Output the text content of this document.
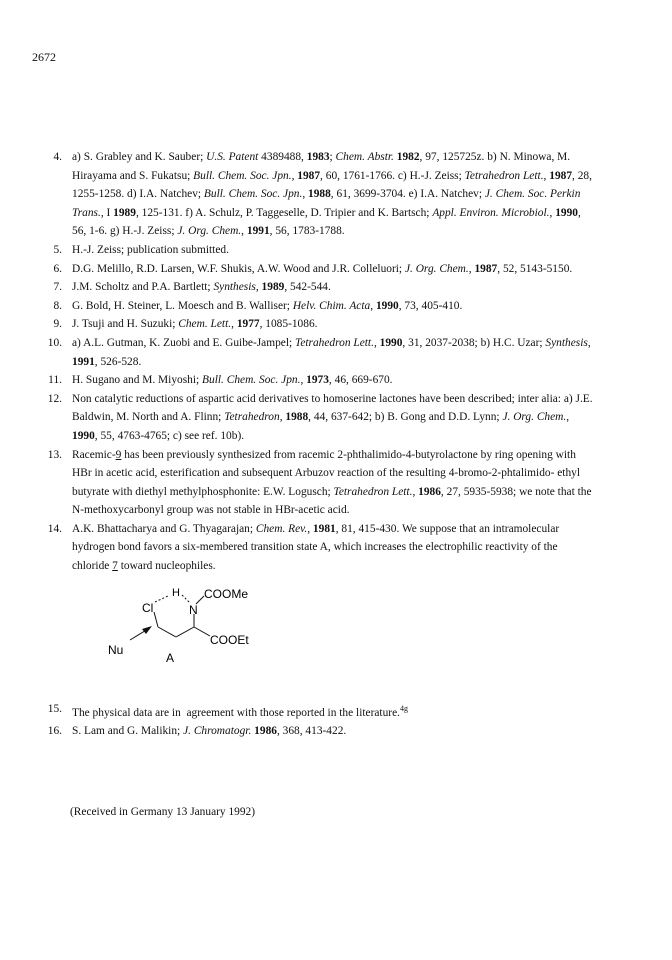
2672
4. a) S. Grabley and K. Sauber; U.S. Patent 4389488, 1983; Chem. Abstr. 1982, 97, 125725z. b) N. Minowa, M. Hirayama and S. Fukatsu; Bull. Chem. Soc. Jpn., 1987, 60, 1761-1766. c) H.-J. Zeiss; Tetrahedron Lett., 1987, 28, 1255-1258. d) I.A. Natchev; Bull. Chem. Soc. Jpn., 1988, 61, 3699-3704. e) I.A. Natchev; J. Chem. Soc. Perkin Trans., I 1989, 125-131. f) A. Schulz, P. Taggeselle, D. Tripier and K. Bartsch; Appl. Environ. Microbiol., 1990, 56, 1-6. g) H.-J. Zeiss; J. Org. Chem., 1991, 56, 1783-1788.
5. H.-J. Zeiss; publication submitted.
6. D.G. Melillo, R.D. Larsen, W.F. Shukis, A.W. Wood and J.R. Colleluori; J. Org. Chem., 1987, 52, 5143-5150.
7. J.M. Scholtz and P.A. Bartlett; Synthesis, 1989, 542-544.
8. G. Bold, H. Steiner, L. Moesch and B. Walliser; Helv. Chim. Acta, 1990, 73, 405-410.
9. J. Tsuji and H. Suzuki; Chem. Lett., 1977, 1085-1086.
10. a) A.L. Gutman, K. Zuobi and E. Guibe-Jampel; Tetrahedron Lett., 1990, 31, 2037-2038; b) H.C. Uzar; Synthesis, 1991, 526-528.
11. H. Sugano and M. Miyoshi; Bull. Chem. Soc. Jpn., 1973, 46, 669-670.
12. Non catalytic reductions of aspartic acid derivatives to homoserine lactones have been described; inter alia: a) J.E. Baldwin, M. North and A. Flinn; Tetrahedron, 1988, 44, 637-642; b) B. Gong and D.D. Lynn; J. Org. Chem., 1990, 55, 4763-4765; c) see ref. 10b).
13. Racemic-9 has been previously synthesized from racemic 2-phthalimido-4-butyrolactone by ring opening with HBr in acetic acid, esterification and subsequent Arbuzov reaction of the resulting 4-bromo-2-phtalimido- ethyl butyrate with diethyl methylphosphonite: E.W. Logusch; Tetrahedron Lett., 1986, 27, 5935-5938; we note that the N-methoxycarbonyl group was not stable in HBr-acetic acid.
14. A.K. Bhattacharya and G. Thyagarajan; Chem. Rev., 1981, 81, 415-430. We suppose that an intramolecular hydrogen bond favors a six-membered transition state A, which increases the electrophilic reactivity of the chloride 7 toward nucleophiles.
Cl
H
N
COOMe
COOEt
Nu
A
15. The physical data are in  agreement with those reported in the literature.$^{4g}$
16. S. Lam and G. Malikin; J. Chromatogr. 1986, 368, 413-422.
(Received in Germany 13 January 1992)
